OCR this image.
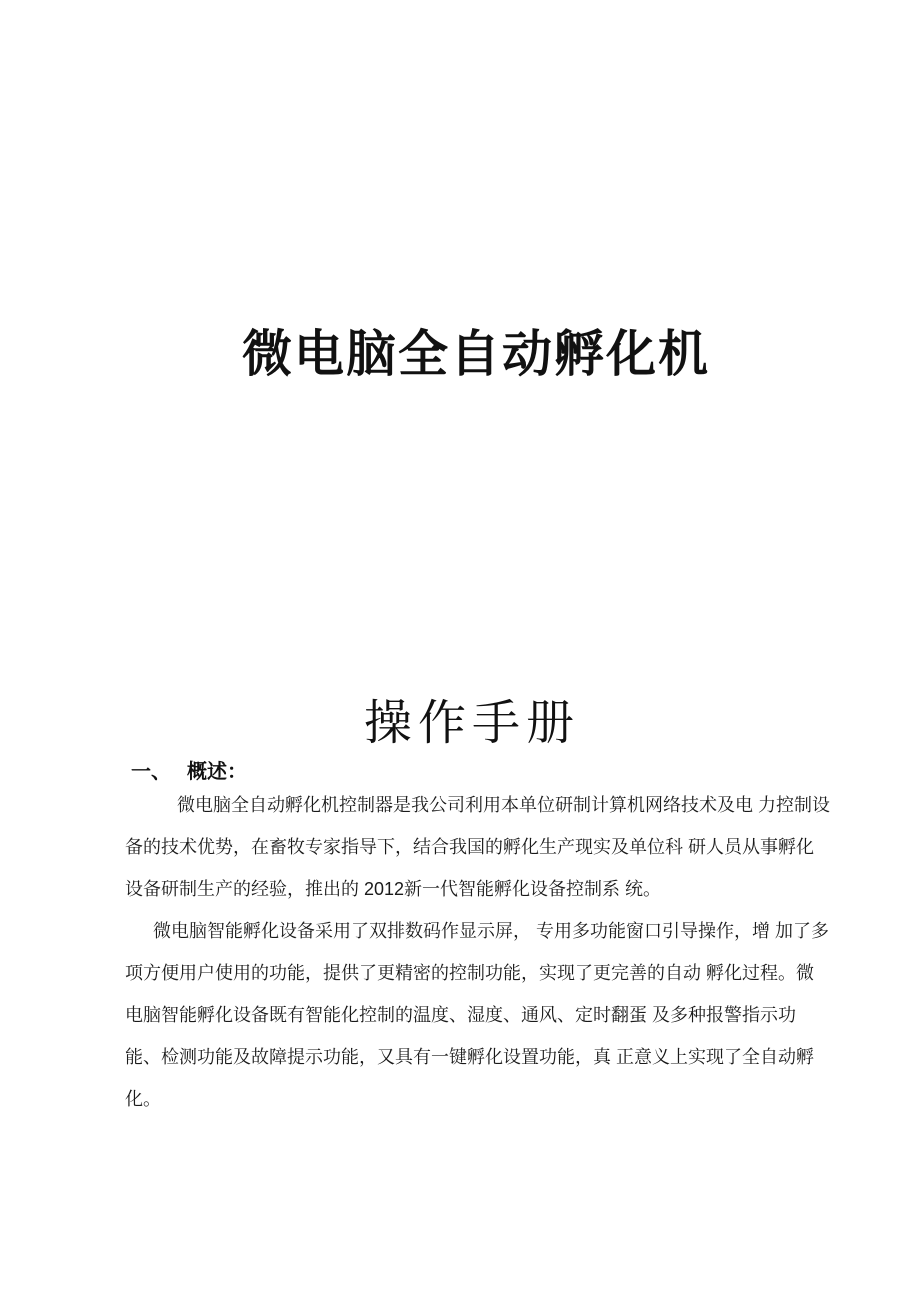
微电脑全自动孵化机
操作手册
一、 概述：
微电脑全自动孵化机控制器是我公司利用本单位研制计算机网络技术及电 力控制设
备的技术优势，在畜牧专家指导下，结合我国的孵化生产现实及单位科 研人员从事孵化
设备研制生产的经验，推出的 2012新一代智能孵化设备控制系 统。
微电脑智能孵化设备采用了双排数码作显示屏， 专用多功能窗口引导操作，增 加了多
项方便用户使用的功能，提供了更精密的控制功能，实现了更完善的自动 孵化过程。微
电脑智能孵化设备既有智能化控制的温度、湿度、通风、定时翻蛋 及多种报警指示功
能、检测功能及故障提示功能，又具有一键孵化设置功能，真 正意义上实现了全自动孵
化。
